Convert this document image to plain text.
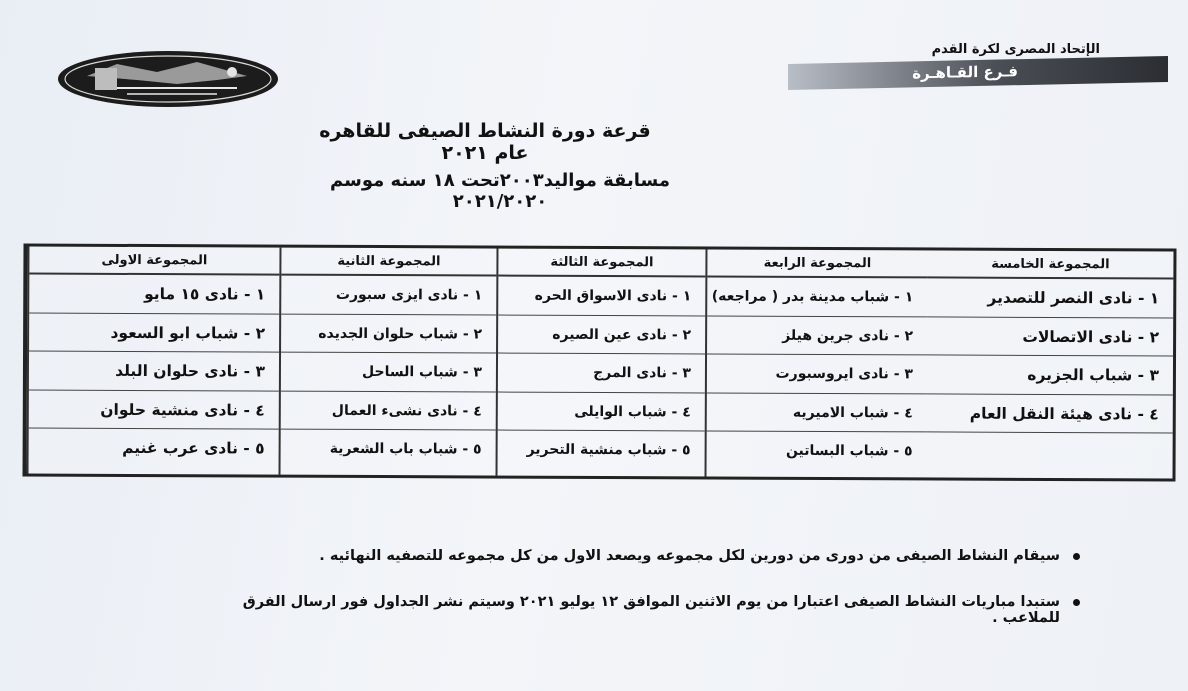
الإتحاد المصرى لكرة القدم
فـرع القـاهـرة
قرعة دورة النشاط الصيفى للقاهره عام ٢٠٢١
مسابقة مواليد٢٠٠٣تحت ١٨ سنه موسم ٢٠٢١/٢٠٢٠
المجموعة الاولى
١ - نادى ١٥ مايو
٢ - شباب ابو السعود
٣ - نادى حلوان البلد
٤ - نادى منشية حلوان
٥ - نادى عرب غنيم
المجموعة الثانية
١ - نادى ايزى سبورت
٢ - شباب حلوان الجديده
٣ - شباب الساحل
٤ - نادى نشىء العمال
٥ - شباب باب الشعرية
المجموعة الثالثة
١ - نادى الاسواق الحره
٢ - نادى عين الصيره
٣ - نادى المرج
٤ - شباب الوايلى
٥ - شباب منشية التحرير
المجموعة الرابعة
١ - شباب مدينة بدر ( مراجعه)
٢ - نادى جرين هيلز
٣ - نادى ايروسبورت
٤ - شباب الاميريه
٥ - شباب البساتين
المجموعة الخامسة
١ - نادى النصر للتصدير
٢ - نادى الاتصالات
٣ - شباب الجزيره
٤ - نادى هيئة النقل العام
سيقام النشاط الصيفى من دورى من دورين لكل مجموعه ويصعد الاول من كل مجموعه للتصفيه النهائيه .
ستبدا مباريات النشاط الصيفى اعتبارا من يوم الاثنين الموافق ١٢ يوليو ٢٠٢١ وسيتم نشر الجداول فور ارسال الفرق للملاعب .
